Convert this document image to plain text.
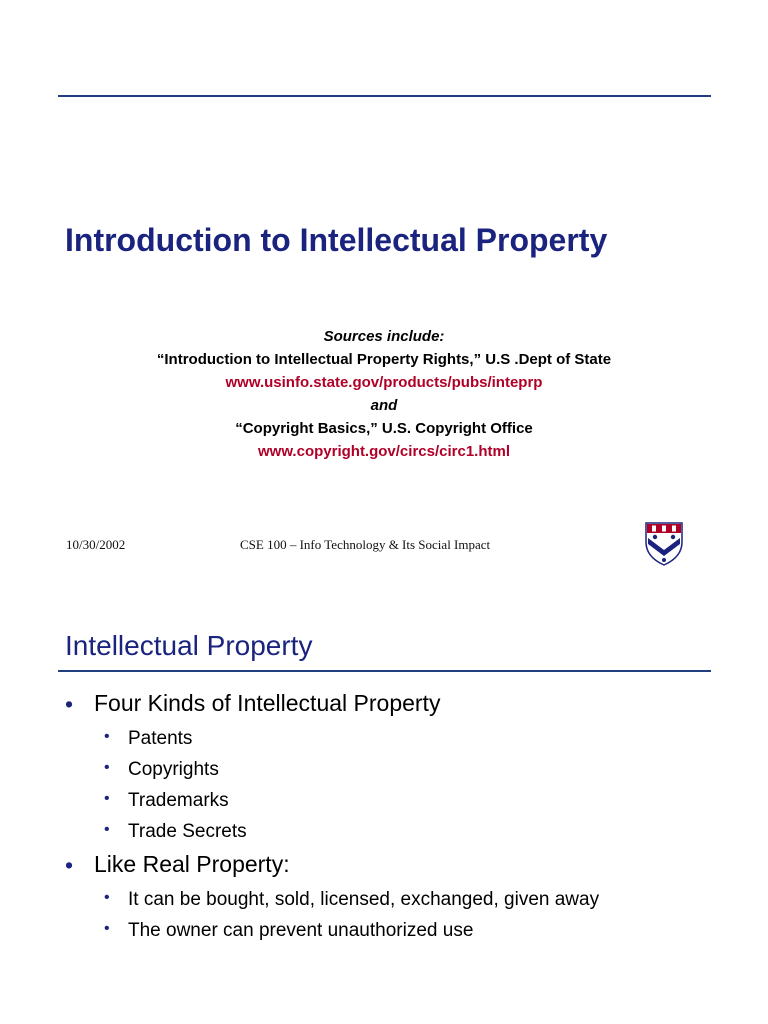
Introduction to Intellectual Property
Sources include:
“Introduction to Intellectual Property Rights,” U.S .Dept of State
www.usinfo.state.gov/products/pubs/inteprp
and
“Copyright Basics,” U.S. Copyright Office
www.copyright.gov/circs/circ1.html
10/30/2002	CSE 100 – Info Technology & Its Social Impact
Intellectual Property
• Four Kinds of Intellectual Property
• Patents
• Copyrights
• Trademarks
• Trade Secrets
• Like Real Property:
• It can be bought, sold, licensed, exchanged, given away
• The owner can prevent unauthorized use
